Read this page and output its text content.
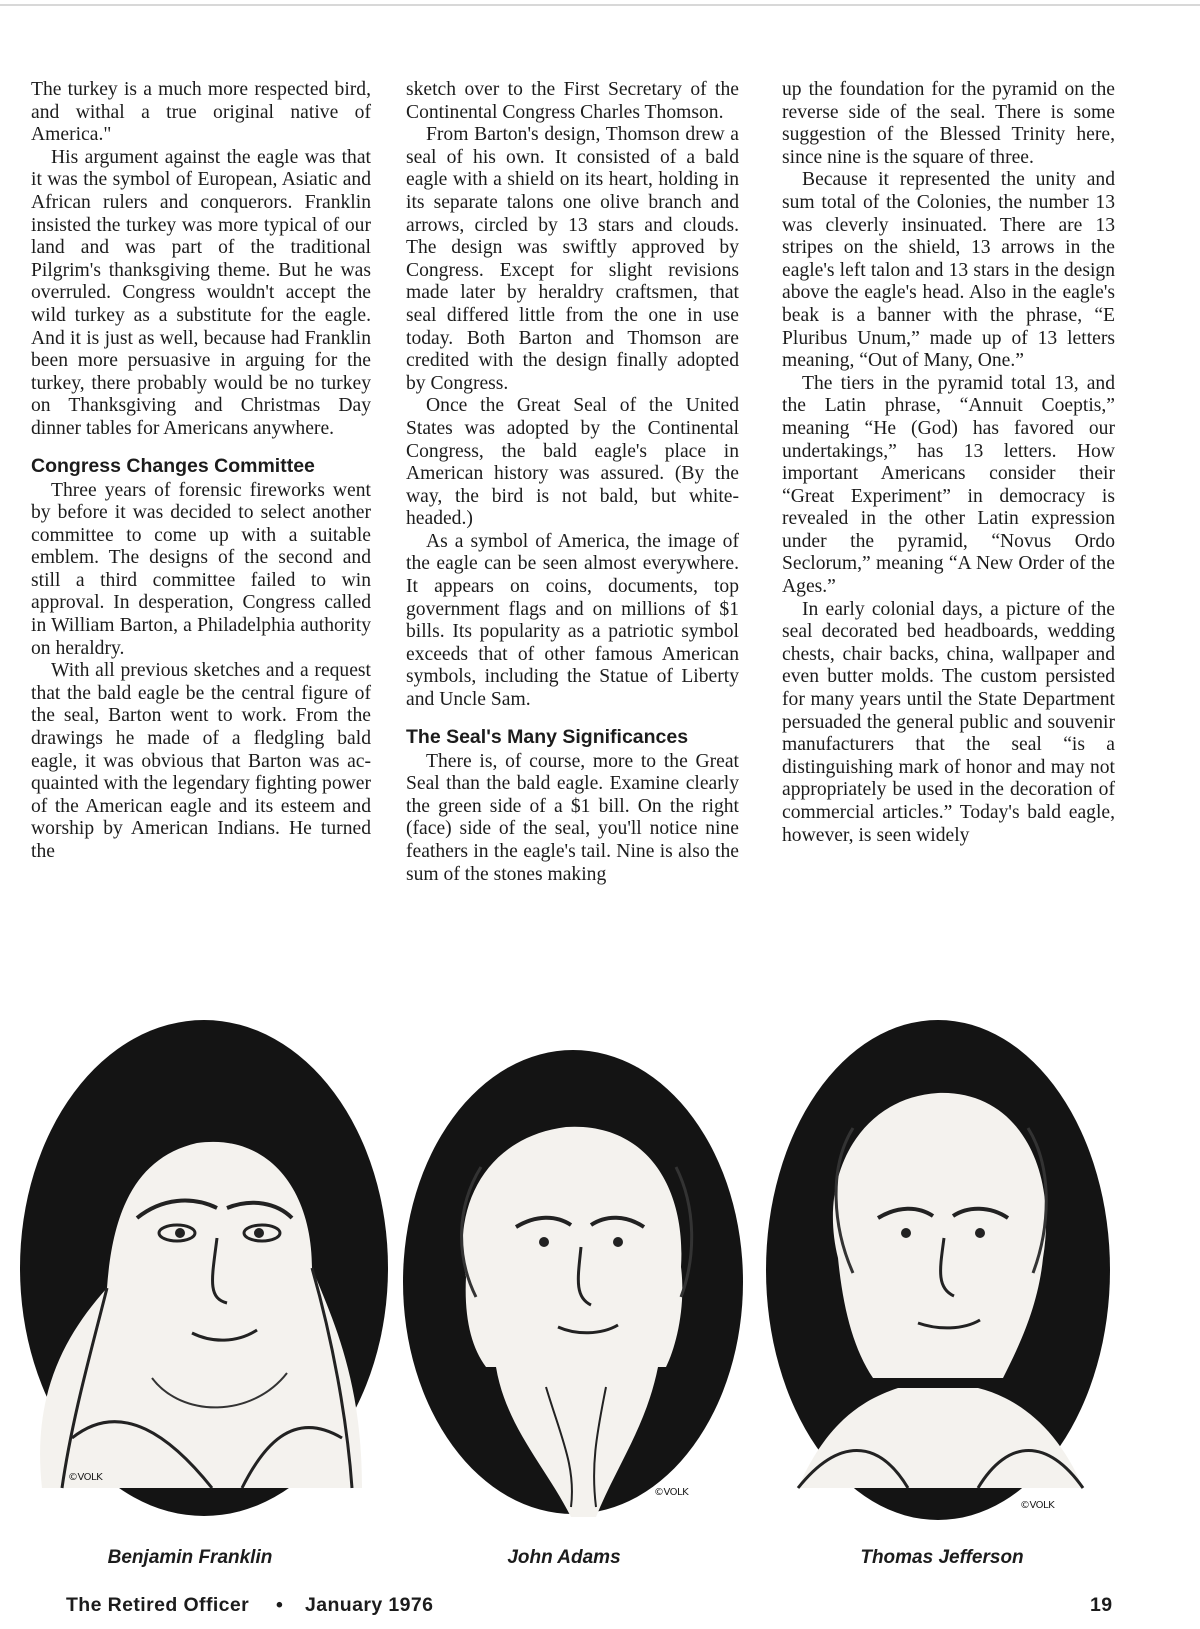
The turkey is a much more respected bird, and withal a true original native of America."

His argument against the eagle was that it was the symbol of European, Asiatic and African rulers and conquerors. Franklin insisted the turkey was more typical of our land and was part of the traditional Pilgrim's thanksgiving theme. But he was overruled. Congress wouldn't accept the wild turkey as a substitute for the eagle. And it is just as well, because had Franklin been more persuasive in arguing for the turkey, there probably would be no turkey on Thanksgiving and Christmas Day dinner tables for Americans anywhere.

Congress Changes Committee

Three years of forensic fireworks went by before it was decided to select another committee to come up with a suitable emblem. The designs of the second and still a third committee failed to win approval. In desperation, Congress called in William Barton, a Philadelphia authority on heraldry.

With all previous sketches and a request that the bald eagle be the central figure of the seal, Barton went to work. From the drawings he made of a fledgling bald eagle, it was obvious that Barton was acquainted with the legendary fighting power of the American eagle and its esteem and worship by American Indians. He turned the

sketch over to the First Secretary of the Continental Congress Charles Thomson.

From Barton's design, Thomson drew a seal of his own. It consisted of a bald eagle with a shield on its heart, holding in its separate talons one olive branch and arrows, circled by 13 stars and clouds. The design was swiftly approved by Congress. Except for slight revisions made later by heraldry craftsmen, that seal differed little from the one in use today. Both Barton and Thomson are credited with the design finally adopted by Congress.

Once the Great Seal of the United States was adopted by the Continental Congress, the bald eagle's place in American history was assured. (By the way, the bird is not bald, but white-headed.)

As a symbol of America, the image of the eagle can be seen almost everywhere. It appears on coins, documents, top government flags and on millions of $1 bills. Its popularity as a patriotic symbol exceeds that of other famous American symbols, including the Statue of Liberty and Uncle Sam.

The Seal's Many Significances

There is, of course, more to the Great Seal than the bald eagle. Examine clearly the green side of a $1 bill. On the right (face) side of the seal, you'll notice nine feathers in the eagle's tail. Nine is also the sum of the stones making

up the foundation for the pyramid on the reverse side of the seal. There is some suggestion of the Blessed Trinity here, since nine is the square of three.

Because it represented the unity and sum total of the Colonies, the number 13 was cleverly insinuated. There are 13 stripes on the shield, 13 arrows in the eagle's left talon and 13 stars in the design above the eagle's head. Also in the eagle's beak is a banner with the phrase, “E Pluribus Unum,” made up of 13 letters meaning, “Out of Many, One.”

The tiers in the pyramid total 13, and the Latin phrase, “Annuit Coeptis,” meaning “He (God) has favored our undertakings,” has 13 letters. How important Americans consider their “Great Experiment” in democracy is revealed in the other Latin expression under the pyramid, “Novus Ordo Seclorum,” meaning “A New Order of the Ages.”

In early colonial days, a picture of the seal decorated bed headboards, wedding chests, chair backs, china, wallpaper and even butter molds. The custom persisted for many years until the State Department persuaded the general public and souvenir manufacturers that the seal “is a distinguishing mark of honor and may not appropriately be used in the decoration of commercial articles.” Today's bald eagle, however, is seen widely

©VOLK
©VOLK
©VOLK
Benjamin Franklin	John Adams	Thomas Jefferson
The Retired Officer • January 1976	19
